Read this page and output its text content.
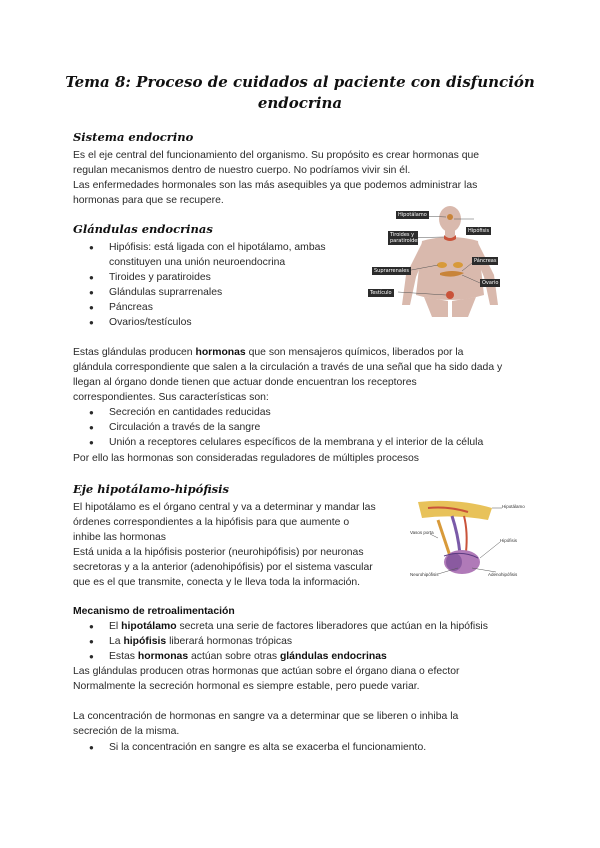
Tema 8: Proceso de cuidados al paciente con disfunción
endocrina
Sistema endocrino
Es el eje central del funcionamiento del organismo. Su propósito es crear hormonas que
regulan mecanismos dentro de nuestro cuerpo. No podríamos vivir sin él.
Las enfermedades hormonales son las más asequibles ya que podemos administrar las
hormonas para que se recupere.
Glándulas endocrinas
● Hipófisis: está ligada con el hipotálamo, ambas
constituyen una unión neuroendocrina
● Tiroides y paratiroides
● Glándulas suprarrenales
● Páncreas
● Ovarios/testículos
Hipotálamo
Hipófisis
Tiroides y paratiroides
Páncreas
Suprarrenales
Ovario
Testículo
Estas glándulas producen hormonas que son mensajeros químicos, liberados por la
glándula correspondiente que salen a la circulación a través de una señal que ha sido dada y
llegan al órgano donde tienen que actuar donde encuentran los receptores
correspondientes. Sus características son:
● Secreción en cantidades reducidas
● Circulación a través de la sangre
● Unión a receptores celulares específicos de la membrana y el interior de la célula
Por ello las hormonas son consideradas reguladores de múltiples procesos
Eje hipotálamo-hipófisis
El hipotálamo es el órgano central y va a determinar y mandar las
órdenes correspondientes a la hipófisis para que aumente o
inhibe las hormonas
Está unida a la hipófisis posterior (neurohipófisis) por neuronas
secretoras y a la anterior (adenohipófisis) por el sistema vascular
que es el que transmite, conecta y le lleva toda la información.
Hipotálamo
Hipófisis
Vasos porta
Neurohipófisis	Adenohipófisis
Mecanismo de retroalimentación
● El hipotálamo secreta una serie de factores liberadores que actúan en la hipófisis
● La hipófisis liberará hormonas trópicas
● Estas hormonas actúan sobre otras glándulas endocrinas
Las glándulas producen otras hormonas que actúan sobre el órgano diana o efector
Normalmente la secreción hormonal es siempre estable, pero puede variar.
La concentración de hormonas en sangre va a determinar que se liberen o inhiba la
secreción de la misma.
● Si la concentración en sangre es alta se exacerba el funcionamiento.
